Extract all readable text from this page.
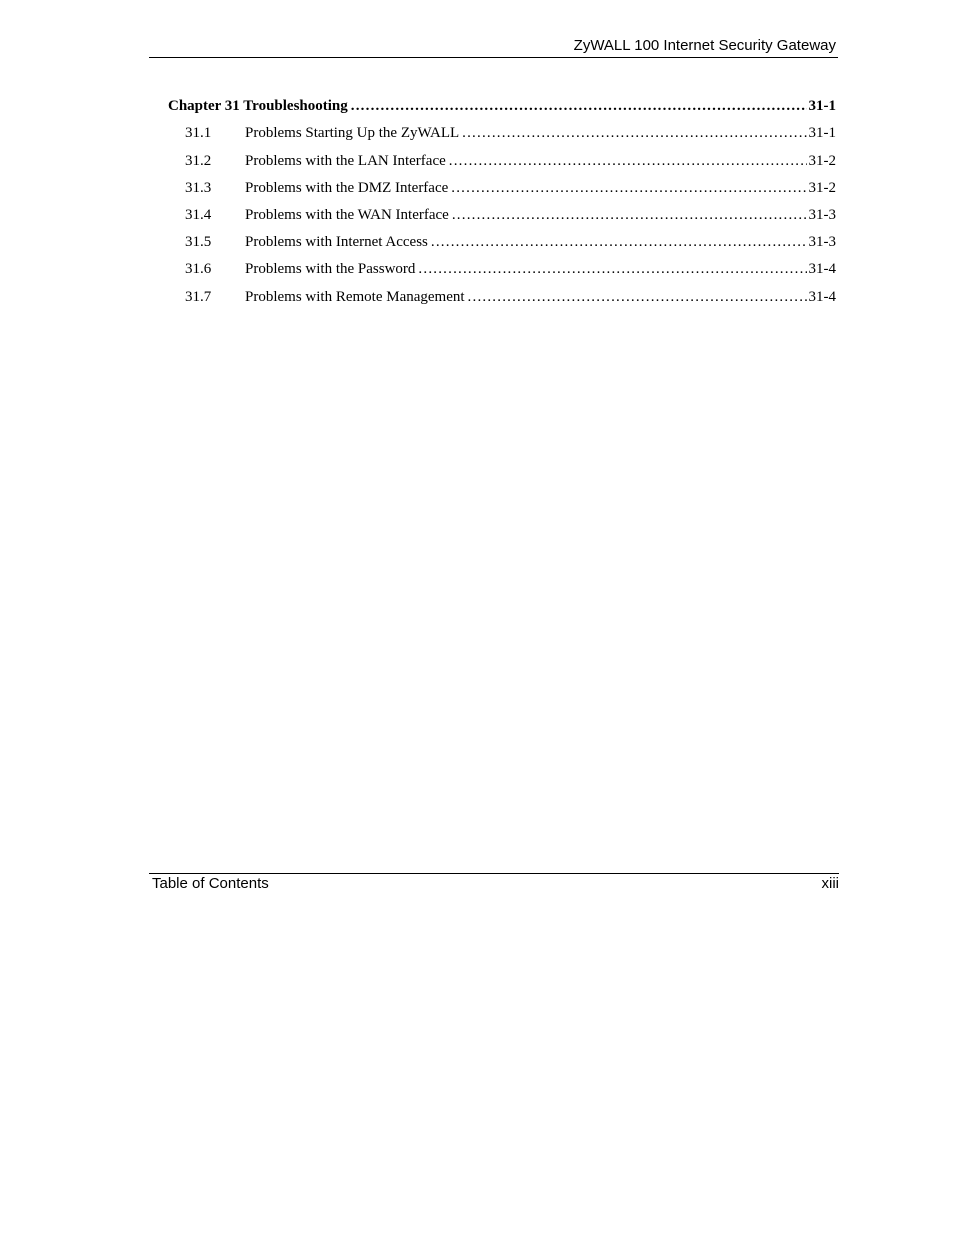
ZyWALL 100 Internet Security Gateway
Chapter 31 Troubleshooting .....	31-1
31.1	Problems Starting Up the ZyWALL .....	31-1
31.2	Problems with the LAN Interface .....	31-2
31.3	Problems with the DMZ Interface .....	31-2
31.4	Problems with the WAN Interface .....	31-3
31.5	Problems with Internet Access .....	31-3
31.6	Problems with the Password .....	31-4
31.7	Problems with Remote Management .....	31-4
Table of Contents	xiii
